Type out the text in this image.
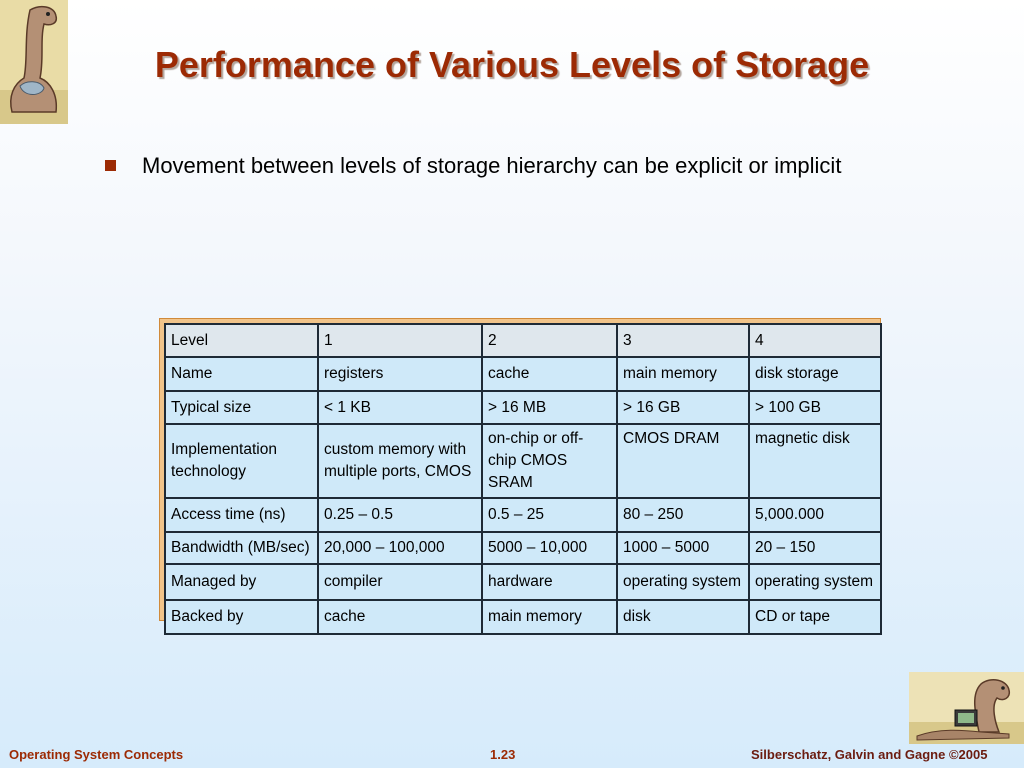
Performance of Various Levels of Storage
Movement between levels of storage hierarchy can be explicit or implicit
Level	1	2	3	4
Name	registers	cache	main memory	disk storage
Typical size	< 1 KB	> 16 MB	> 16 GB	> 100 GB
Implementation technology	custom memory with multiple ports, CMOS	on-chip or off-chip CMOS SRAM	CMOS DRAM	magnetic disk
Access time (ns)	0.25 – 0.5	0.5 – 25	80 – 250	5,000.000
Bandwidth (MB/sec)	20,000 – 100,000	5000 – 10,000	1000 – 5000	20 – 150
Managed by	compiler	hardware	operating system	operating system
Backed by	cache	main memory	disk	CD or tape
Operating System Concepts	1.23	Silberschatz, Galvin and Gagne ©2005
